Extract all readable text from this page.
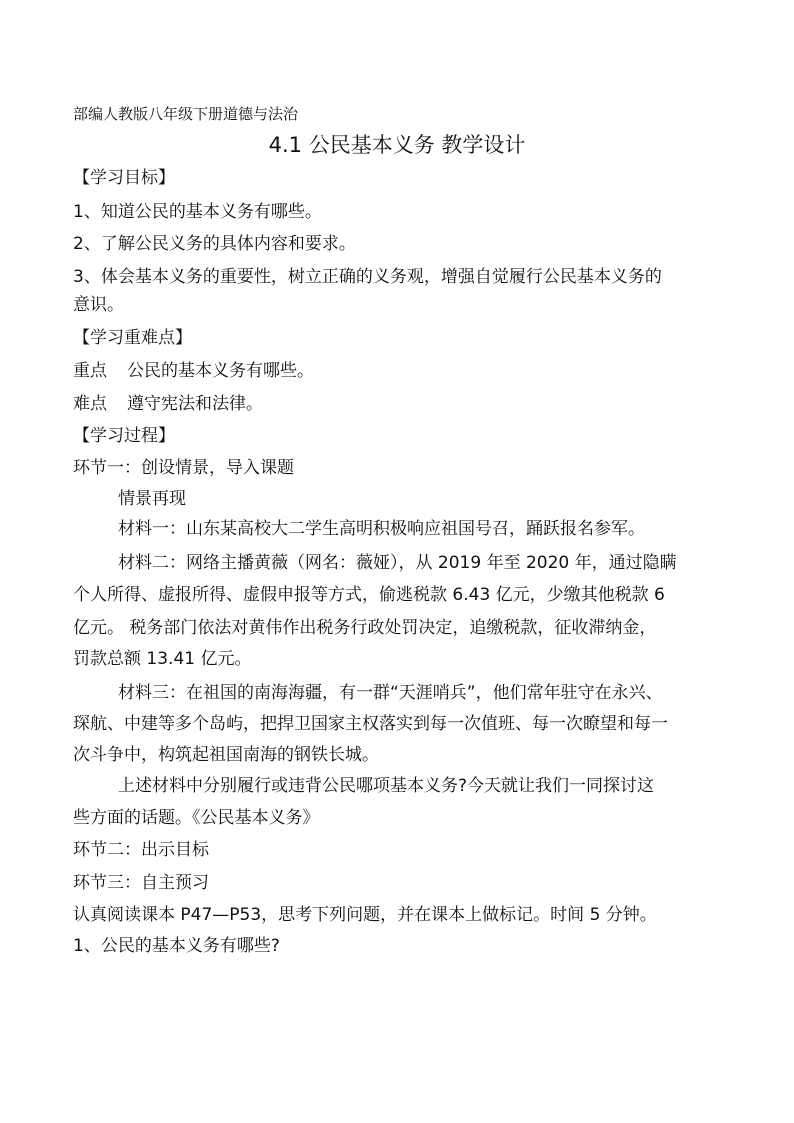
部编人教版八年级下册道德与法治
4.1 公民基本义务 教学设计
【学习目标】
1、知道公民的基本义务有哪些。
2、了解公民义务的具体内容和要求。
3、体会基本义务的重要性，树立正确的义务观，增强自觉履行公民基本义务的
意识。
【学习重难点】
重点 公民的基本义务有哪些。
难点 遵守宪法和法律。
【学习过程】
环节一：创设情景，导入课题
情景再现
材料一：山东某高校大二学生高明积极响应祖国号召，踊跃报名参军。
材料二：网络主播黄薇（网名：薇娅），从 2019 年至 2020 年，通过隐瞒
个人所得、虚报所得、虚假申报等方式，偷逃税款 6.43 亿元，少缴其他税款 6
亿元。 税务部门依法对黄伟作出税务行政处罚决定，追缴税款，征收滞纳金，
罚款总额 13.41 亿元。
材料三：在祖国的南海海疆，有一群“天涯哨兵”，他们常年驻守在永兴、
琛航、中建等多个岛屿，把捍卫国家主权落实到每一次值班、每一次瞭望和每一
次斗争中，构筑起祖国南海的钢铁长城。
上述材料中分别履行或违背公民哪项基本义务?今天就让我们一同探讨这
些方面的话题。《公民基本义务》
环节二：出示目标
环节三：自主预习
认真阅读课本 P47—P53，思考下列问题，并在课本上做标记。时间 5 分钟。
1、公民的基本义务有哪些?
